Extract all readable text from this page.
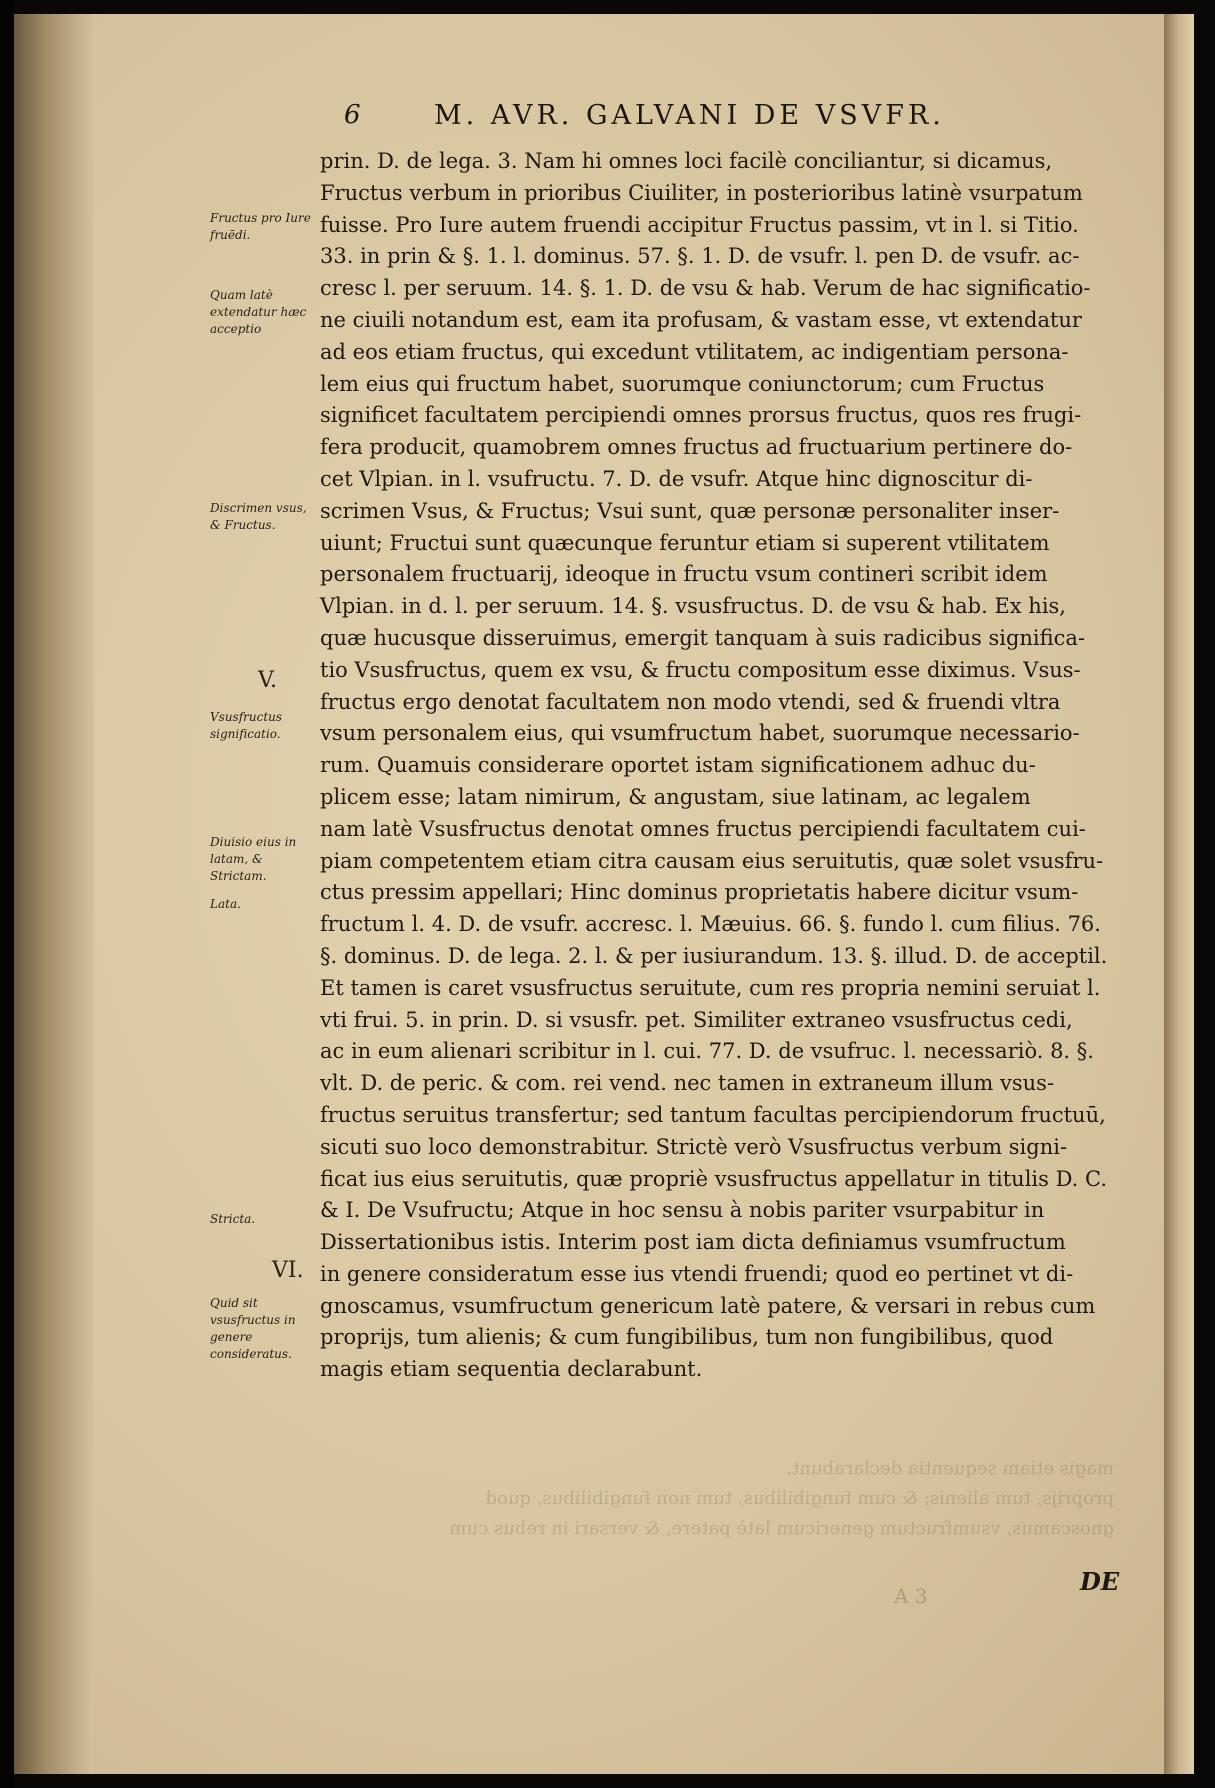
magis etiam sequentia declarabunt.
proprijs, tum alienis; & cum fungibilibus, tum non fungibilibus, quod
gnoscamus, vsumfructum genericum latè patere, & versari in rebus cum
6	M. AVR. GALVANI DE VSVFR.
prin. D. de lega. 3. Nam hi omnes loci facilè conciliantur, si dicamus,
Fructus verbum in prioribus Ciuiliter, in posterioribus latinè vsurpatum
fuisse. Pro Iure autem fruendi accipitur Fructus passim, vt in l. si Titio.
33. in prin & §. 1. l. dominus. 57. §. 1. D. de vsufr. l. pen D. de vsufr. ac-
cresc l. per seruum. 14. §. 1. D. de vsu & hab. Verum de hac significatio-
ne ciuili notandum est, eam ita profusam, & vastam esse, vt extendatur
ad eos etiam fructus, qui excedunt vtilitatem, ac indigentiam persona-
lem eius qui fructum habet, suorumque coniunctorum; cum Fructus
significet facultatem percipiendi omnes prorsus fructus, quos res frugi-
fera producit, quamobrem omnes fructus ad fructuarium pertinere do-
cet Vlpian. in l. vsufructu. 7. D. de vsufr. Atque hinc dignoscitur di-
scrimen Vsus, & Fructus; Vsui sunt, quæ personæ personaliter inser-
uiunt; Fructui sunt quæcunque feruntur etiam si superent vtilitatem
personalem fructuarij, ideoque in fructu vsum contineri scribit idem
Vlpian. in d. l. per seruum. 14. §. vsusfructus. D. de vsu & hab. Ex his,
quæ hucusque disseruimus, emergit tanquam à suis radicibus significa-
tio Vsusfructus, quem ex vsu, & fructu compositum esse diximus. Vsus-
fructus ergo denotat facultatem non modo vtendi, sed & fruendi vltra
vsum personalem eius, qui vsumfructum habet, suorumque necessario-
rum. Quamuis considerare oportet istam significationem adhuc du-
plicem esse; latam nimirum, & angustam, siue latinam, ac legalem
nam latè Vsusfructus denotat omnes fructus percipiendi facultatem cui-
piam competentem etiam citra causam eius seruitutis, quæ solet vsusfru-
ctus pressim appellari; Hinc dominus proprietatis habere dicitur vsum-
fructum l. 4. D. de vsufr. accresc. l. Mæuius. 66. §. fundo l. cum filius. 76.
§. dominus. D. de lega. 2. l. & per iusiurandum. 13. §. illud. D. de acceptil.
Et tamen is caret vsusfructus seruitute, cum res propria nemini seruiat l.
vti frui. 5. in prin. D. si vsusfr. pet. Similiter extraneo vsusfructus cedi,
ac in eum alienari scribitur in l. cui. 77. D. de vsufruc. l. necessariò. 8. §.
vlt. D. de peric. & com. rei vend. nec tamen in extraneum illum vsus-
fructus seruitus transfertur; sed tantum facultas percipiendorum fructuū,
sicuti suo loco demonstrabitur. Strictè verò Vsusfructus verbum signi-
ficat ius eius seruitutis, quæ propriè vsusfructus appellatur in titulis D. C.
& I. De Vsufructu; Atque in hoc sensu à nobis pariter vsurpabitur in
Dissertationibus istis. Interim post iam dicta definiamus vsumfructum
in genere consideratum esse ius vtendi fruendi; quod eo pertinet vt di-
gnoscamus, vsumfructum genericum latè patere, & versari in rebus cum
proprijs, tum alienis; & cum fungibilibus, tum non fungibilibus, quod
magis etiam sequentia declarabunt.
Fructus pro Iure fruēdi.
Quam latè extendatur hæc acceptio
Discrimen vsus, & Fructus.
V.
Vsusfructus significatio.
Diuisio eius in latam, & Strictam.
Lata.
Stricta.
VI.
Quid sit vsusfructus in genere consideratus.
A 3	DE
